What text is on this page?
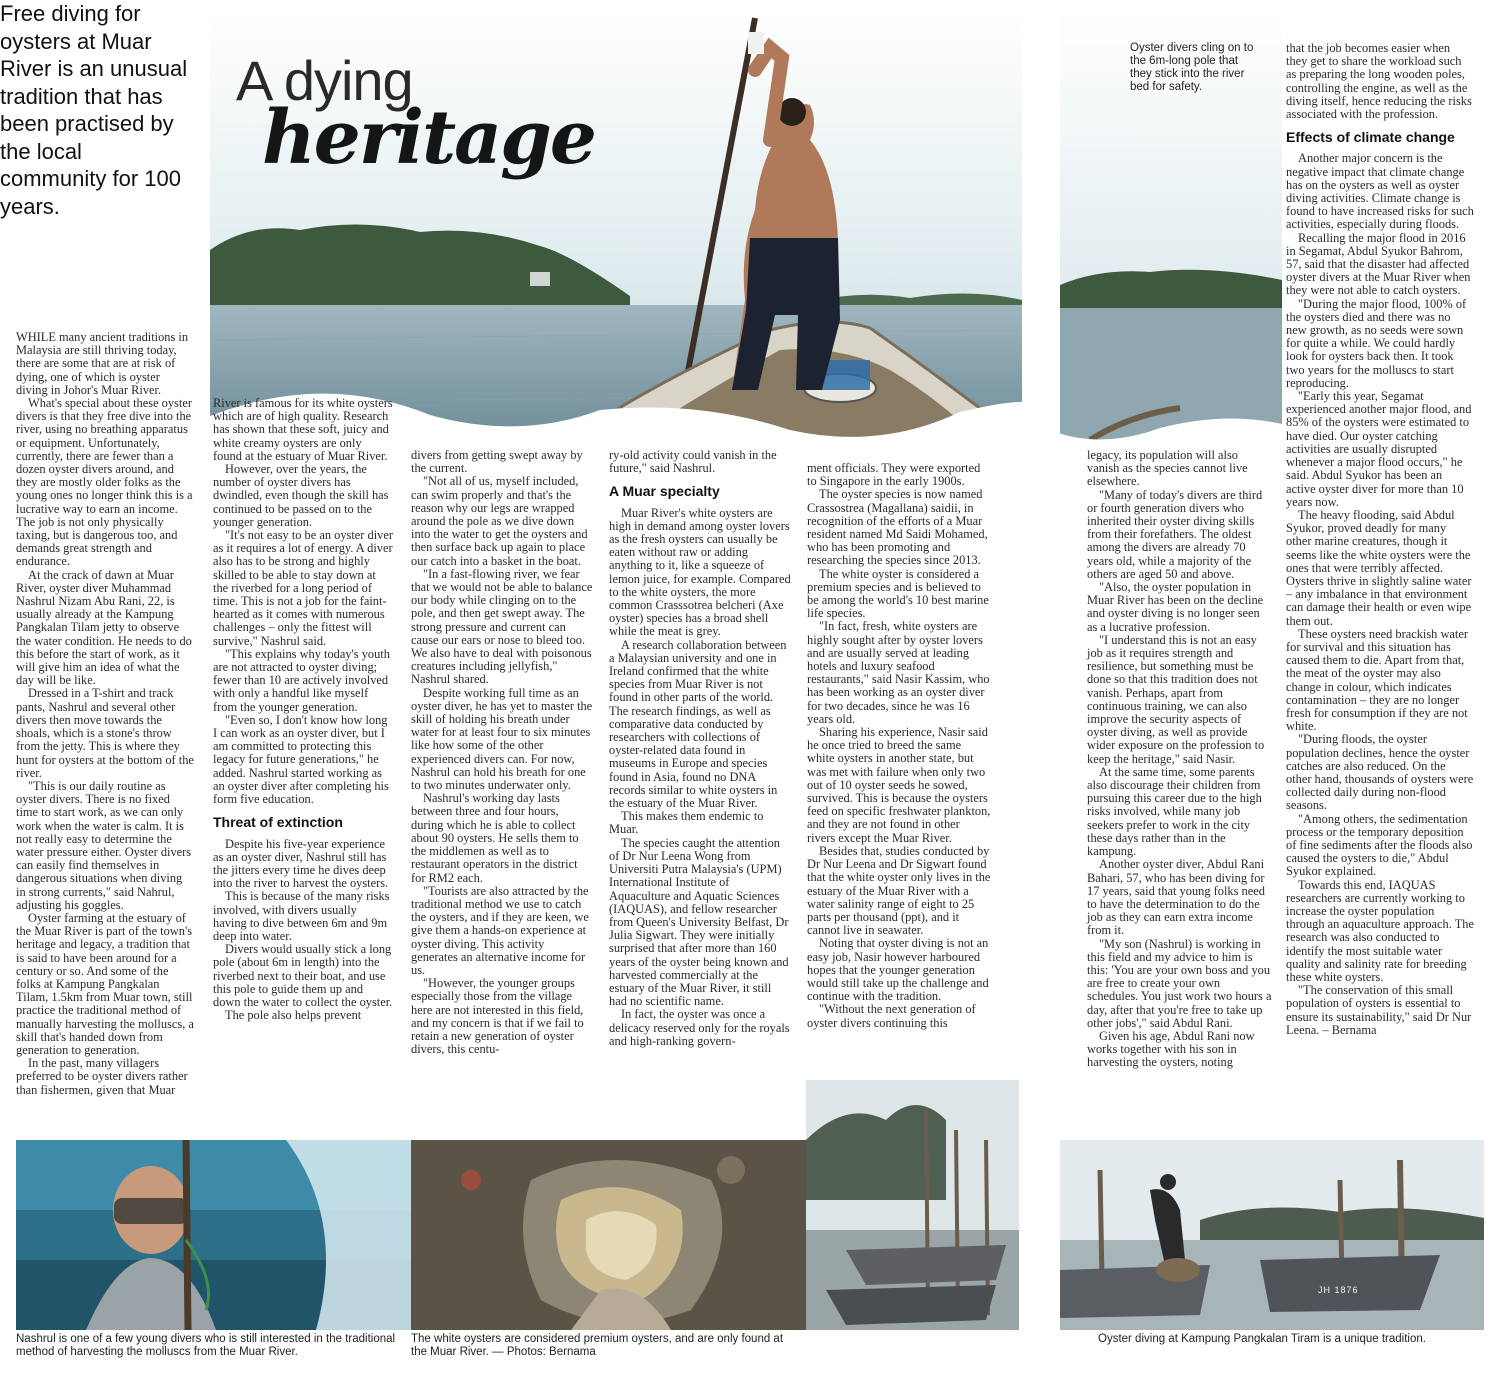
Free diving for oysters at Muar River is an unusual tradition that has been practised by the local community for 100 years.
A dying
heritage
Oyster divers cling on to the 6m-long pole that they stick into the river bed for safety.

WHILE many ancient traditions in Malaysia are still thriving today, there are some that are at risk of dying, one of which is oyster diving in Johor's Muar River.

What's special about these oyster divers is that they free dive into the river, using no breathing apparatus or equipment. Unfortunately, currently, there are fewer than a dozen oyster divers around, and they are mostly older folks as the young ones no longer think this is a lucrative way to earn an income. The job is not only physically taxing, but is dangerous too, and demands great strength and endurance.

At the crack of dawn at Muar River, oyster diver Muhammad Nashrul Nizam Abu Rani, 22, is usually already at the Kampung Pangkalan Tilam jetty to observe the water condition. He needs to do this before the start of work, as it will give him an idea of what the day will be like.

Dressed in a T-shirt and track pants, Nashrul and several other divers then move towards the shoals, which is a stone's throw from the jetty. This is where they hunt for oysters at the bottom of the river.

"This is our daily routine as oyster divers. There is no fixed time to start work, as we can only work when the water is calm. It is not really easy to determine the water pressure either. Oyster divers can easily find themselves in dangerous situations when diving in strong currents," said Nahrul, adjusting his goggles.

Oyster farming at the estuary of the Muar River is part of the town's heritage and legacy, a tradition that is said to have been around for a century or so. And some of the folks at Kampung Pangkalan Tilam, 1.5km from Muar town, still practice the traditional method of manually harvesting the molluscs, a skill that's handed down from generation to generation.

In the past, many villagers preferred to be oyster divers rather than fishermen, given that Muar

River is famous for its white oysters which are of high quality. Research has shown that these soft, juicy and white creamy oysters are only found at the estuary of Muar River.

However, over the years, the number of oyster divers has dwindled, even though the skill has continued to be passed on to the younger generation.

"It's not easy to be an oyster diver as it requires a lot of energy. A diver also has to be strong and highly skilled to be able to stay down at the riverbed for a long period of time. This is not a job for the faint-hearted as it comes with numerous challenges – only the fittest will survive," Nashrul said.

"This explains why today's youth are not attracted to oyster diving; fewer than 10 are actively involved with only a handful like myself from the younger generation.

"Even so, I don't know how long I can work as an oyster diver, but I am committed to protecting this legacy for future generations," he added. Nashrul started working as an oyster diver after completing his form five education.

Threat of extinction

Despite his five-year experience as an oyster diver, Nashrul still has the jitters every time he dives deep into the river to harvest the oysters.

This is because of the many risks involved, with divers usually having to dive between 6m and 9m deep into water.

Divers would usually stick a long pole (about 6m in length) into the riverbed next to their boat, and use this pole to guide them up and down the water to collect the oyster.

The pole also helps prevent

divers from getting swept away by the current.

"Not all of us, myself included, can swim properly and that's the reason why our legs are wrapped around the pole as we dive down into the water to get the oysters and then surface back up again to place our catch into a basket in the boat.

"In a fast-flowing river, we fear that we would not be able to balance our body while clinging on to the pole, and then get swept away. The strong pressure and current can cause our ears or nose to bleed too. We also have to deal with poisonous creatures including jellyfish," Nashrul shared.

Despite working full time as an oyster diver, he has yet to master the skill of holding his breath under water for at least four to six minutes like how some of the other experienced divers can. For now, Nashrul can hold his breath for one to two minutes underwater only.

Nashrul's working day lasts between three and four hours, during which he is able to collect about 90 oysters. He sells them to the middlemen as well as to restaurant operators in the district for RM2 each.

"Tourists are also attracted by the traditional method we use to catch the oysters, and if they are keen, we give them a hands-on experience at oyster diving. This activity generates an alternative income for us.

"However, the younger groups especially those from the village here are not interested in this field, and my concern is that if we fail to retain a new generation of oyster divers, this centu-

ry-old activity could vanish in the future," said Nashrul.

A Muar specialty

Muar River's white oysters are high in demand among oyster lovers as the fresh oysters can usually be eaten without raw or adding anything to it, like a squeeze of lemon juice, for example. Compared to the white oysters, the more common Crasssotrea belcheri (Axe oyster) species has a broad shell while the meat is grey.

A research collaboration between a Malaysian university and one in Ireland confirmed that the white species from Muar River is not found in other parts of the world. The research findings, as well as comparative data conducted by researchers with collections of oyster-related data found in museums in Europe and species found in Asia, found no DNA records similar to white oysters in the estuary of the Muar River.

This makes them endemic to Muar.

The species caught the attention of Dr Nur Leena Wong from Universiti Putra Malaysia's (UPM) International Institute of Aquaculture and Aquatic Sciences (IAQUAS), and fellow researcher from Queen's University Belfast, Dr Julia Sigwart. They were initially surprised that after more than 160 years of the oyster being known and harvested commercially at the estuary of the Muar River, it still had no scientific name.

In fact, the oyster was once a delicacy reserved only for the royals and high-ranking govern-

ment officials. They were exported to Singapore in the early 1900s.

The oyster species is now named Crassostrea (Magallana) saidii, in recognition of the efforts of a Muar resident named Md Saidi Mohamed, who has been promoting and researching the species since 2013.

The white oyster is considered a premium species and is believed to be among the world's 10 best marine life species.

"In fact, fresh, white oysters are highly sought after by oyster lovers and are usually served at leading hotels and luxury seafood restaurants," said Nasir Kassim, who has been working as an oyster diver for two decades, since he was 16 years old.

Sharing his experience, Nasir said he once tried to breed the same white oysters in another state, but was met with failure when only two out of 10 oyster seeds he sowed, survived. This is because the oysters feed on specific freshwater plankton, and they are not found in other rivers except the Muar River.

Besides that, studies conducted by Dr Nur Leena and Dr Sigwart found that the white oyster only lives in the estuary of the Muar River with a water salinity range of eight to 25 parts per thousand (ppt), and it cannot live in seawater.

Noting that oyster diving is not an easy job, Nasir however harboured hopes that the younger generation would still take up the challenge and continue with the tradition.

"Without the next generation of oyster divers continuing this

legacy, its population will also vanish as the species cannot live elsewhere.

"Many of today's divers are third or fourth generation divers who inherited their oyster diving skills from their forefathers. The oldest among the divers are already 70 years old, while a majority of the others are aged 50 and above.

"Also, the oyster population in Muar River has been on the decline and oyster diving is no longer seen as a lucrative profession.

"I understand this is not an easy job as it requires strength and resilience, but something must be done so that this tradition does not vanish. Perhaps, apart from continuous training, we can also improve the security aspects of oyster diving, as well as provide wider exposure on the profession to keep the heritage," said Nasir.

At the same time, some parents also discourage their children from pursuing this career due to the high risks involved, while many job seekers prefer to work in the city these days rather than in the kampung.

Another oyster diver, Abdul Rani Bahari, 57, who has been diving for 17 years, said that young folks need to have the determination to do the job as they can earn extra income from it.

"My son (Nashrul) is working in this field and my advice to him is this: 'You are your own boss and you are free to create your own schedules. You just work two hours a day, after that you're free to take up other jobs'," said Abdul Rani.

Given his age, Abdul Rani now works together with his son in harvesting the oysters, noting

that the job becomes easier when they get to share the workload such as preparing the long wooden poles, controlling the engine, as well as the diving itself, hence reducing the risks associated with the profession.

Effects of climate change

Another major concern is the negative impact that climate change has on the oysters as well as oyster diving activities. Climate change is found to have increased risks for such activities, especially during floods.

Recalling the major flood in 2016 in Segamat, Abdul Syukor Bahrom, 57, said that the disaster had affected oyster divers at the Muar River when they were not able to catch oysters.

"During the major flood, 100% of the oysters died and there was no new growth, as no seeds were sown for quite a while. We could hardly look for oysters back then. It took two years for the molluscs to start reproducing.

"Early this year, Segamat experienced another major flood, and 85% of the oysters were estimated to have died. Our oyster catching activities are usually disrupted whenever a major flood occurs," he said. Abdul Syukor has been an active oyster diver for more than 10 years now.

The heavy flooding, said Abdul Syukor, proved deadly for many other marine creatures, though it seems like the white oysters were the ones that were terribly affected. Oysters thrive in slightly saline water – any imbalance in that environment can damage their health or even wipe them out.

These oysters need brackish water for survival and this situation has caused them to die. Apart from that, the meat of the oyster may also change in colour, which indicates contamination – they are no longer fresh for consumption if they are not white.

"During floods, the oyster population declines, hence the oyster catches are also reduced. On the other hand, thousands of oysters were collected daily during non-flood seasons.

"Among others, the sedimentation process or the temporary deposition of fine sediments after the floods also caused the oysters to die," Abdul Syukor explained.

Towards this end, IAQUAS researchers are currently working to increase the oyster population through an aquaculture approach. The research was also conducted to identify the most suitable water quality and salinity rate for breeding these white oysters.

"The conservation of this small population of oysters is essential to ensure its sustainability," said Dr Nur Leena. – Bernama

JH 1876
Nashrul is one of a few young divers who is still interested in the traditional method of harvesting the molluscs from the Muar River.
The white oysters are considered premium oysters, and are only found at the Muar River. — Photos: Bernama
Oyster diving at Kampung Pangkalan Tiram is a unique tradition.
